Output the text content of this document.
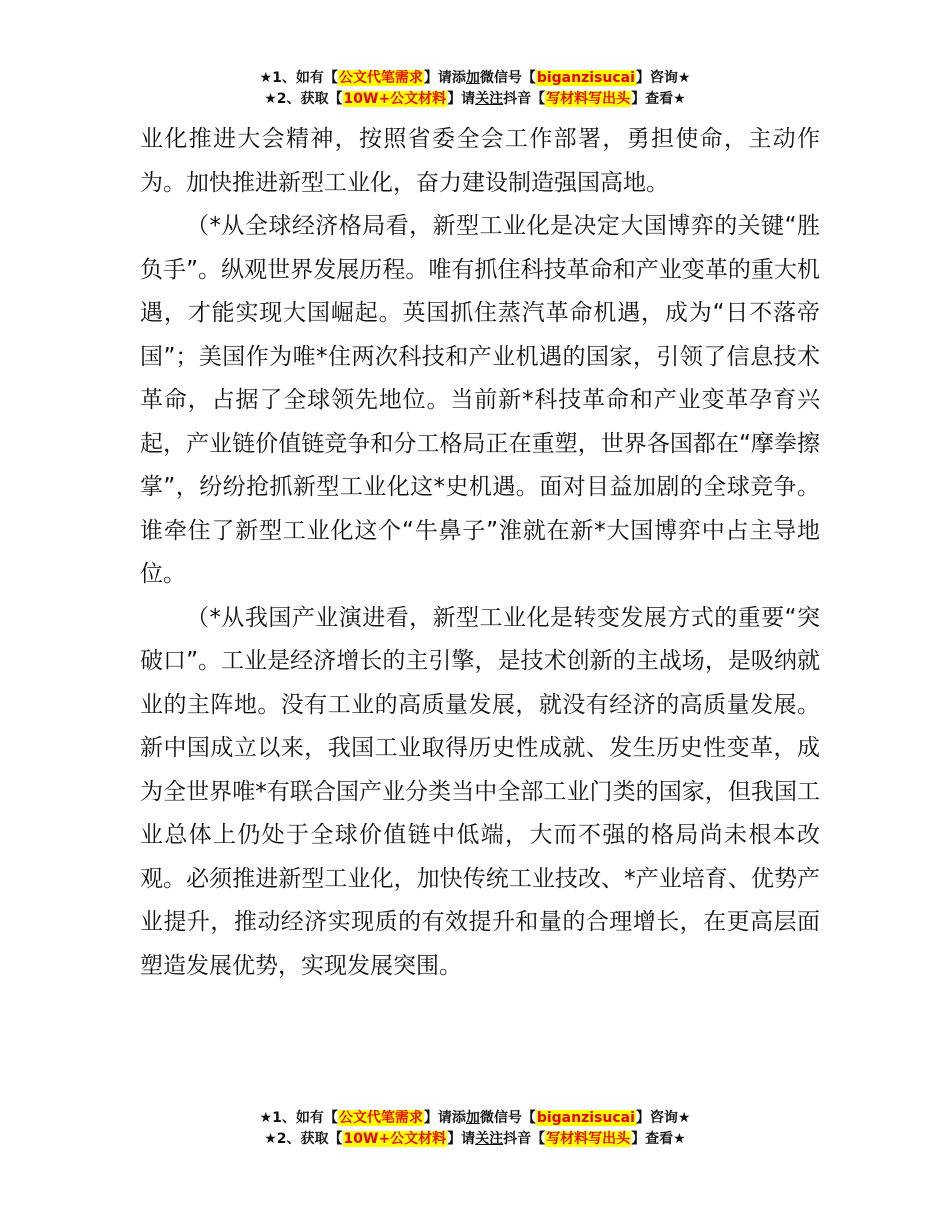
★1、如有【公文代笔需求】请添加微信号【biganzisucai】咨询★
★2、获取【10W+公文材料】请关注抖音【写材料写出头】查看★

业化推进大会精神，按照省委全会工作部署，勇担使命，主动作为。加快推进新型工业化，奋力建设制造强国高地。

（*从全球经济格局看，新型工业化是决定大国博弈的关键“胜负手”。纵观世界发展历程。唯有抓住科技革命和产业变革的重大机遇，才能实现大国崛起。英国抓住蒸汽革命机遇，成为“日不落帝国”；美国作为唯*住两次科技和产业机遇的国家，引领了信息技术革命，占据了全球领先地位。当前新*科技革命和产业变革孕育兴起，产业链价值链竞争和分工格局正在重塑，世界各国都在“摩拳擦掌”，纷纷抢抓新型工业化这*史机遇。面对目益加剧的全球竞争。谁牵住了新型工业化这个“牛鼻子”淮就在新*大国博弈中占主导地位。

（*从我国产业演进看，新型工业化是转变发展方式的重要“突破口”。工业是经济增长的主引擎，是技术创新的主战场，是吸纳就业的主阵地。没有工业的高质量发展，就没有经济的高质量发展。新中国成立以来，我国工业取得历史性成就、发生历史性变革，成为全世界唯*有联合国产业分类当中全部工业门类的国家，但我国工业总体上仍处于全球价值链中低端，大而不强的格局尚未根本改观。必须推进新型工业化，加快传统工业技改、*产业培育、优势产业提升，推动经济实现质的有效提升和量的合理增长，在更高层面塑造发展优势，实现发展突围。

★1、如有【公文代笔需求】请添加微信号【biganzisucai】咨询★
★2、获取【10W+公文材料】请关注抖音【写材料写出头】查看★
